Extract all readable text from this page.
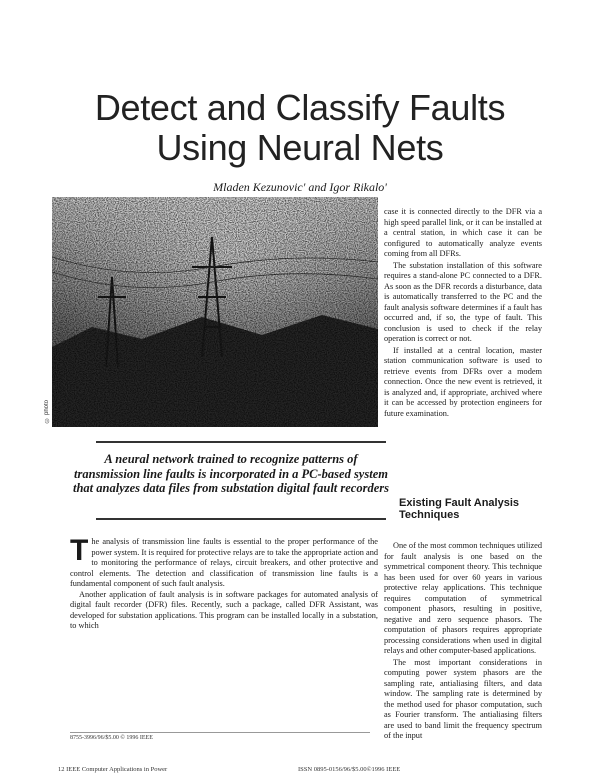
Detect and Classify Faults
Using Neural Nets
Mladen Kezunovic' and Igor Rikalo'
© photo
A neural network trained to recognize patterns of transmission line faults is incorporated in a PC-based system that analyzes data files from substation digital fault recorders

The analysis of transmission line faults is essential to the proper performance of the power system. It is required for protective relays are to take the appropriate action and to monitoring the performance of relays, circuit breakers, and other protective and control elements. The detection and classification of transmission line faults is a fundamental component of such fault analysis.

Another application of fault analysis is in software packages for automated analysis of digital fault recorder (DFR) files. Recently, such a package, called DFR Assistant, was developed for substation applications. This program can be installed locally in a substation, to which

8755-3996/96/$5.00 © 1996 IEEE

case it is connected directly to the DFR via a high speed parallel link, or it can be installed at a central station, in which case it can be configured to automatically analyze events coming from all DFRs.

The substation installation of this software requires a stand-alone PC connected to a DFR. As soon as the DFR records a disturbance, data is automatically transferred to the PC and the fault analysis software determines if a fault has occurred and, if so, the type of fault. This conclusion is used to check if the relay operation is correct or not.

If installed at a central location, master station communication software is used to retrieve events from DFRs over a modem connection. Once the new event is retrieved, it is analyzed and, if appropriate, archived where it can be accessed by protection engineers for future examination.

Existing Fault Analysis Techniques

One of the most common techniques utilized for fault analysis is one based on the symmetrical component theory. This technique has been used for over 60 years in various protective relay applications. This technique requires computation of symmetrical component phasors, resulting in positive, negative and zero sequence phasors. The computation of phasors requires appropriate processing considerations when used in digital relays and other computer-based applications.

The most important considerations in computing power system phasors are the sampling rate, antialiasing filters, and data window. The sampling rate is determined by the method used for phasor computation, such as Fourier transform. The antialiasing filters are used to band limit the frequency spectrum of the input

12 IEEE Computer Applications in Power	ISSN 0895-0156/96/$5.00©1996 IEEE
